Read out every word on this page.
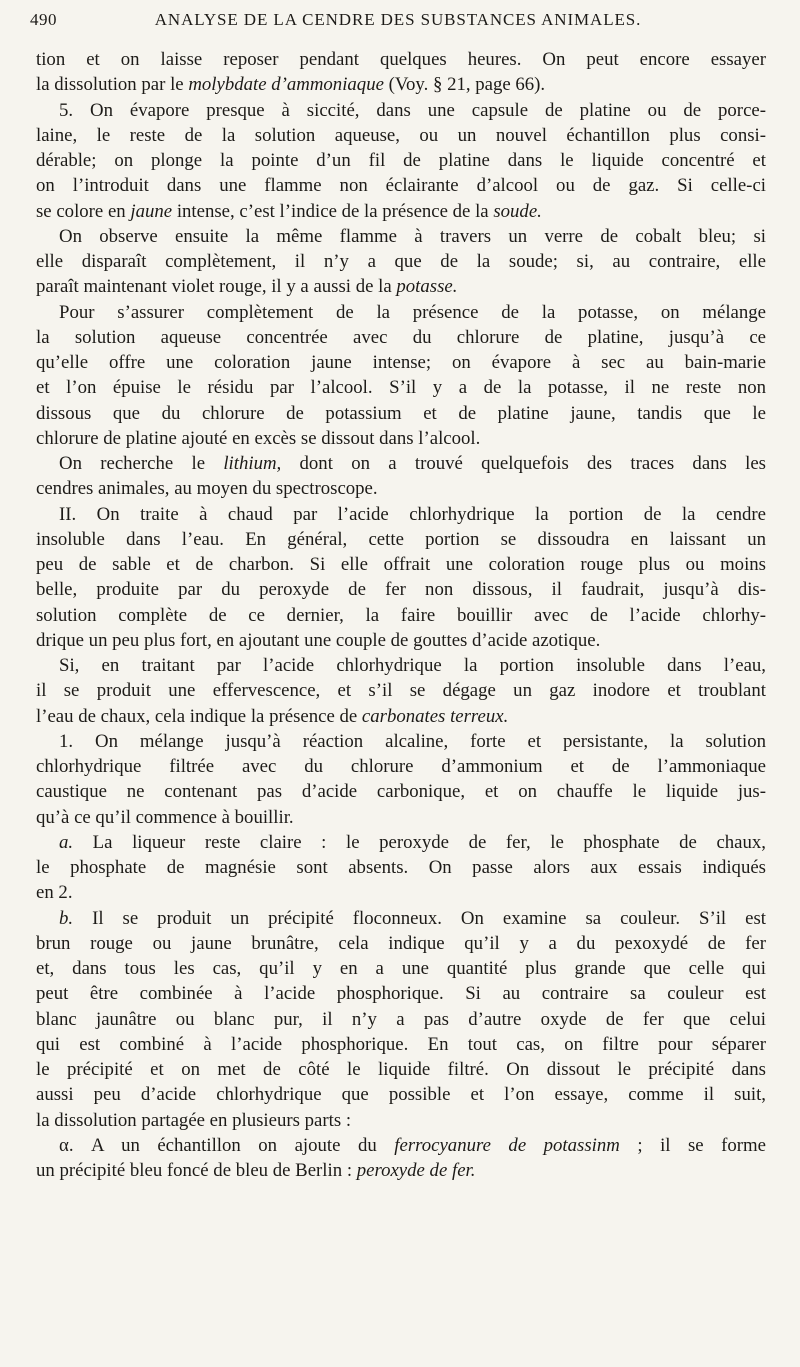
490	ANALYSE DE LA CENDRE DES SUBSTANCES ANIMALES.
tion et on laisse reposer pendant quelques heures. On peut encore essayer
la dissolution par le molybdate d’ammoniaque (Voy. § 21, page 66).
5. On évapore presque à siccité, dans une capsule de platine ou de porce-
laine, le reste de la solution aqueuse, ou un nouvel échantillon plus consi-
dérable; on plonge la pointe d’un fil de platine dans le liquide concentré et
on l’introduit dans une flamme non éclairante d’alcool ou de gaz. Si celle-ci
se colore en jaune intense, c’est l’indice de la présence de la soude.
On observe ensuite la même flamme à travers un verre de cobalt bleu; si
elle disparaît complètement, il n’y a que de la soude; si, au contraire, elle
paraît maintenant violet rouge, il y a aussi de la potasse.
Pour s’assurer complètement de la présence de la potasse, on mélange
la solution aqueuse concentrée avec du chlorure de platine, jusqu’à ce
qu’elle offre une coloration jaune intense; on évapore à sec au bain-marie
et l’on épuise le résidu par l’alcool. S’il y a de la potasse, il ne reste non
dissous que du chlorure de potassium et de platine jaune, tandis que le
chlorure de platine ajouté en excès se dissout dans l’alcool.
On recherche le lithium, dont on a trouvé quelquefois des traces dans les
cendres animales, au moyen du spectroscope.
II. On traite à chaud par l’acide chlorhydrique la portion de la cendre
insoluble dans l’eau. En général, cette portion se dissoudra en laissant un
peu de sable et de charbon. Si elle offrait une coloration rouge plus ou moins
belle, produite par du peroxyde de fer non dissous, il faudrait, jusqu’à dis-
solution complète de ce dernier, la faire bouillir avec de l’acide chlorhy-
drique un peu plus fort, en ajoutant une couple de gouttes d’acide azotique.
Si, en traitant par l’acide chlorhydrique la portion insoluble dans l’eau,
il se produit une effervescence, et s’il se dégage un gaz inodore et troublant
l’eau de chaux, cela indique la présence de carbonates terreux.
1. On mélange jusqu’à réaction alcaline, forte et persistante, la solution
chlorhydrique filtrée avec du chlorure d’ammonium et de l’ammoniaque
caustique ne contenant pas d’acide carbonique, et on chauffe le liquide jus-
qu’à ce qu’il commence à bouillir.
a. La liqueur reste claire : le peroxyde de fer, le phosphate de chaux,
le phosphate de magnésie sont absents. On passe alors aux essais indiqués
en 2.
b. Il se produit un précipité floconneux. On examine sa couleur. S’il est
brun rouge ou jaune brunâtre, cela indique qu’il y a du pexoxydé de fer
et, dans tous les cas, qu’il y en a une quantité plus grande que celle qui
peut être combinée à l’acide phosphorique. Si au contraire sa couleur est
blanc jaunâtre ou blanc pur, il n’y a pas d’autre oxyde de fer que celui
qui est combiné à l’acide phosphorique. En tout cas, on filtre pour séparer
le précipité et on met de côté le liquide filtré. On dissout le précipité dans
aussi peu d’acide chlorhydrique que possible et l’on essaye, comme il suit,
la dissolution partagée en plusieurs parts :
α. A un échantillon on ajoute du ferrocyanure de potassinm ; il se forme
un précipité bleu foncé de bleu de Berlin : peroxyde de fer.
